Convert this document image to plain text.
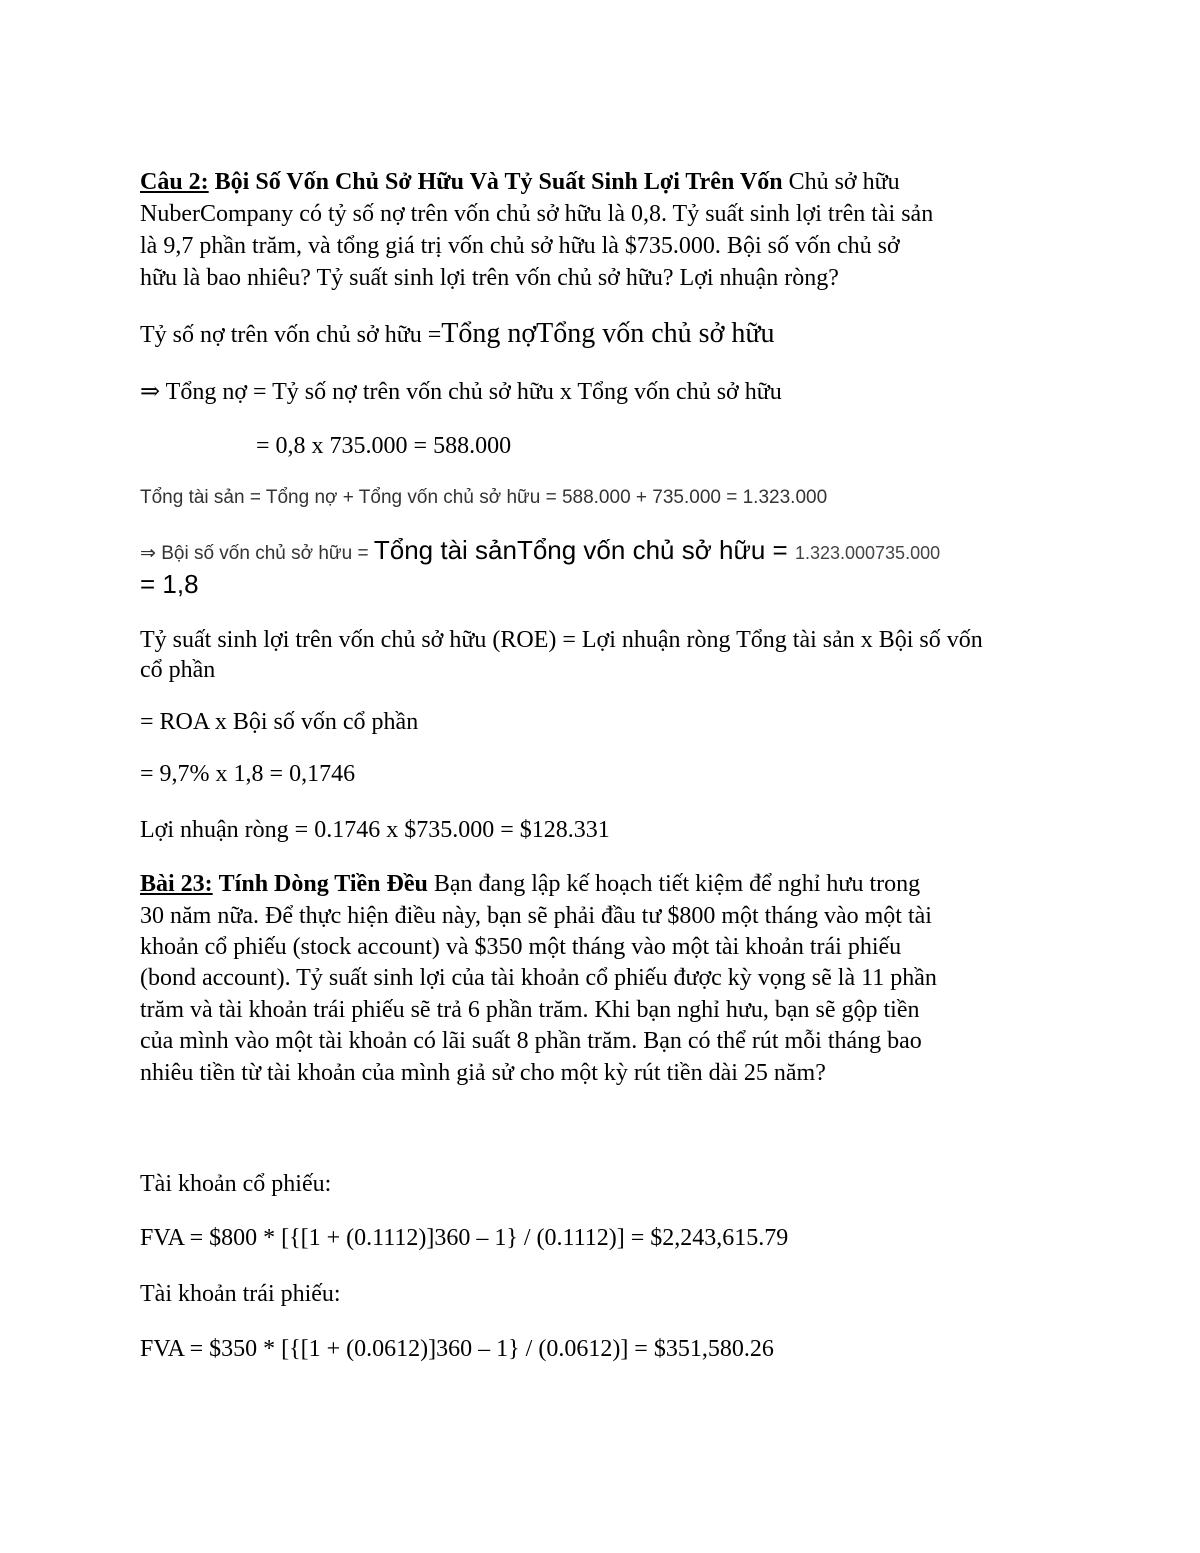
Câu 2: Bội Số Vốn Chủ Sở Hữu Và Tỷ Suất Sinh Lợi Trên Vốn Chủ sở hữu
NuberCompany có tỷ số nợ trên vốn chủ sở hữu là 0,8. Tỷ suất sinh lợi trên tài sản
là 9,7 phần trăm, và tổng giá trị vốn chủ sở hữu là $735.000. Bội số vốn chủ sở
hữu là bao nhiêu? Tỷ suất sinh lợi trên vốn chủ sở hữu? Lợi nhuận ròng?
Tỷ số nợ trên vốn chủ sở hữu =Tổng nợTổng vốn chủ sở hữu
⇒ Tổng nợ = Tỷ số nợ trên vốn chủ sở hữu x Tổng vốn chủ sở hữu
= 0,8 x 735.000 = 588.000
Tổng tài sản = Tổng nợ + Tổng vốn chủ sở hữu = 588.000 + 735.000 = 1.323.000
⇒ Bội số vốn chủ sở hữu = Tổng tài sảnTổng vốn chủ sở hữu = 1.323.000735.000
= 1,8
Tỷ suất sinh lợi trên vốn chủ sở hữu (ROE) = Lợi nhuận ròng Tổng tài sản x Bội số vốn
cổ phần
= ROA x Bội số vốn cổ phần
= 9,7% x 1,8 = 0,1746
Lợi nhuận ròng = 0.1746 x $735.000 = $128.331
Bài 23: Tính Dòng Tiền Đều Bạn đang lập kế hoạch tiết kiệm để nghỉ hưu trong
30 năm nữa. Để thực hiện điều này, bạn sẽ phải đầu tư $800 một tháng vào một tài
khoản cổ phiếu (stock account) và $350 một tháng vào một tài khoản trái phiếu
(bond account). Tỷ suất sinh lợi của tài khoản cổ phiếu được kỳ vọng sẽ là 11 phần
trăm và tài khoản trái phiếu sẽ trả 6 phần trăm. Khi bạn nghỉ hưu, bạn sẽ gộp tiền
của mình vào một tài khoản có lãi suất 8 phần trăm. Bạn có thể rút mỗi tháng bao
nhiêu tiền từ tài khoản của mình giả sử cho một kỳ rút tiền dài 25 năm?
Tài khoản cổ phiếu:
FVA = $800 * [{[1 + (0.1112)]360 – 1} / (0.1112)] = $2,243,615.79
Tài khoản trái phiếu:
FVA = $350 * [{[1 + (0.0612)]360 – 1} / (0.0612)] = $351,580.26
